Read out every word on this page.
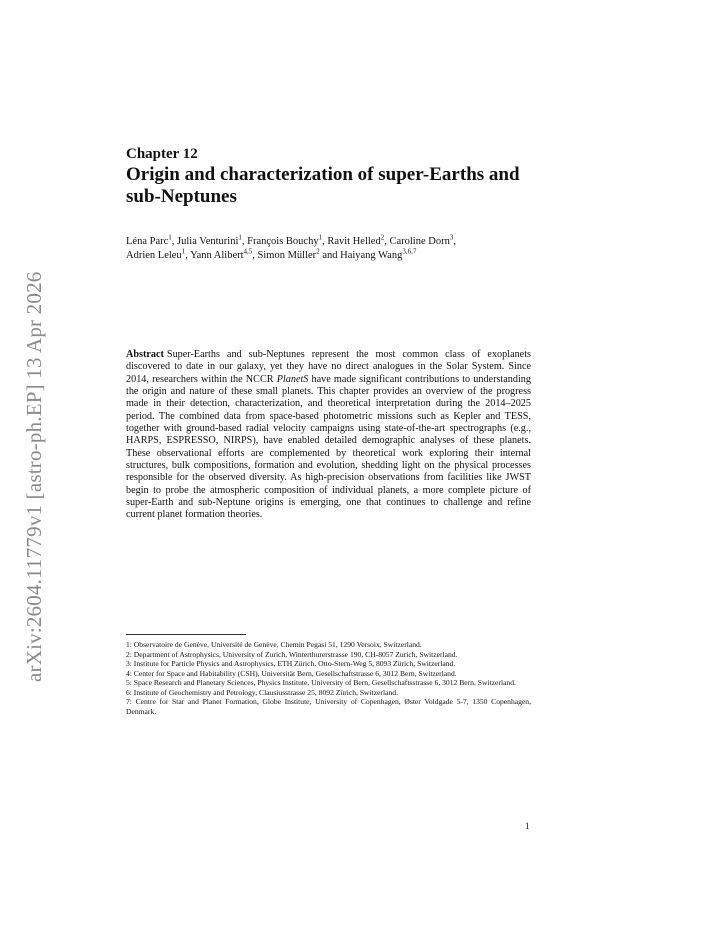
arXiv:2604.11779v1 [astro-ph.EP] 13 Apr 2026
Chapter 12
Origin and characterization of super-Earths and sub-Neptunes
Léna Parc$^1$, Julia Venturini$^1$, François Bouchy$^1$, Ravit Helled$^2$, Caroline Dorn$^3$,
Adrien Leleu$^1$, Yann Alibert$^{4,5}$, Simon Müller$^2$ and Haiyang Wang$^{3,6,7}$
Abstract Super-Earths and sub-Neptunes represent the most common class of exoplanets discovered to date in our galaxy, yet they have no direct analogues in the Solar System. Since 2014, researchers within the NCCR PlanetS have made significant contributions to understanding the origin and nature of these small planets. This chapter provides an overview of the progress made in their detection, characterization, and theoretical interpretation during the 2014–2025 period. The combined data from space-based photometric missions such as Kepler and TESS, together with ground-based radial velocity campaigns using state-of-the-art spectrographs (e.g., HARPS, ESPRESSO, NIRPS), have enabled detailed demographic analyses of these planets. These observational efforts are complemented by theoretical work exploring their internal structures, bulk compositions, formation and evolution, shedding light on the physical processes responsible for the observed diversity. As high-precision observations from facilities like JWST begin to probe the atmospheric composition of individual planets, a more complete picture of super-Earth and sub-Neptune origins is emerging, one that continues to challenge and refine current planet formation theories.

1: Observatoire de Genève, Université de Genève, Chemin Pegasi 51, 1290 Versoix, Switzerland.

2: Department of Astrophysics, University of Zurich, Winterthurerstrasse 190, CH-8057 Zurich, Switzerland.

3: Institute for Particle Physics and Astrophysics, ETH Zürich, Otto-Stern-Weg 5, 8093 Zürich, Switzerland.

4: Center for Space and Habitability (CSH), Universität Bern, Gesellschaftstrasse 6, 3012 Bern, Switzerland.

5: Space Research and Planetary Sciences, Physics Institute, University of Bern, Gesellschaftsstrasse 6, 3012 Bern, Switzerland.

6: Institute of Geochemistry and Petrology, Clausiusstrasse 25, 8092 Zürich, Switzerland.

7: Centre for Star and Planet Formation, Globe Institute, University of Copenhagen, Øster Voldgade 5-7, 1350 Copenhagen, Denmark.

1
